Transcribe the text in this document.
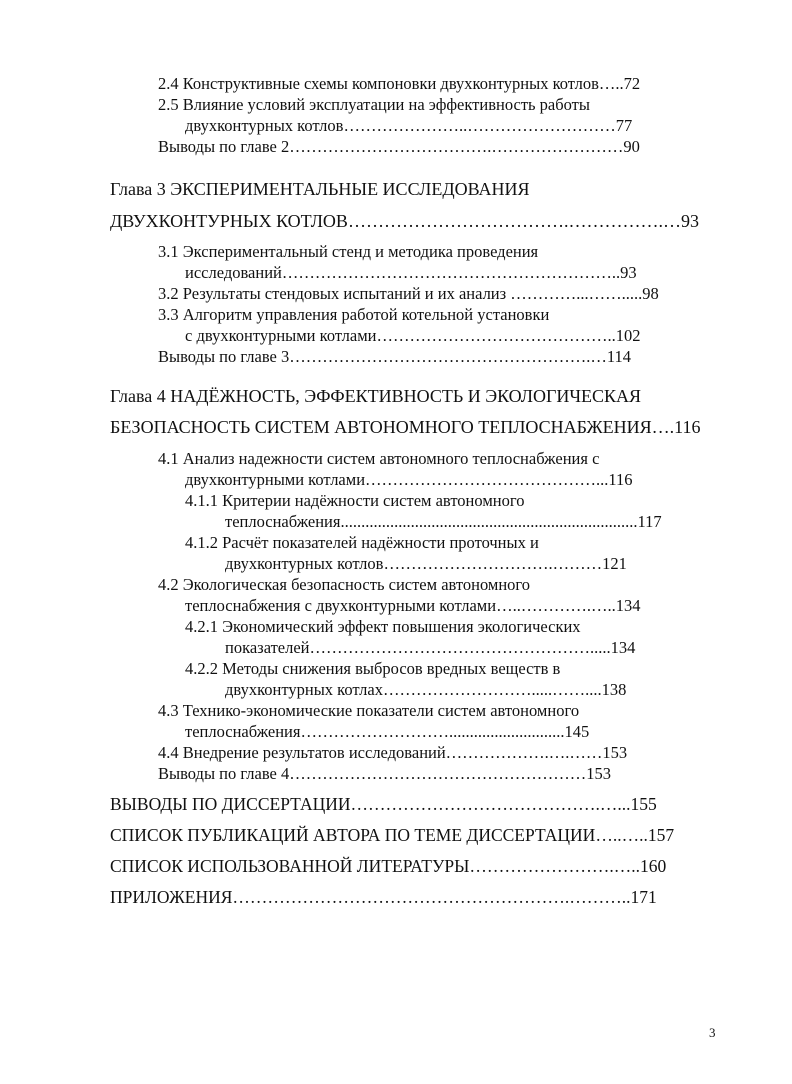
2.4 Конструктивные схемы компоновки двухконтурных котлов…..72
2.5 Влияние условий эксплуатации на эффективность работы
двухконтурных котлов…………………..………………………77
Выводы по главе 2……………………………….……………………90
Глава 3 ЭКСПЕРИМЕНТАЛЬНЫЕ ИССЛЕДОВАНИЯ
ДВУХКОНТУРНЫХ КОТЛОВ……………………………….…………….…93
3.1 Экспериментальный стенд и методика проведения
исследований……………………………………………………..93
3.2 Результаты стендовых испытаний и их анализ …………...…….....98
3.3 Алгоритм управления работой котельной установки
с двухконтурными котлами……………………………………..102
Выводы по главе 3……………………………………………….…114
Глава 4 НАДЁЖНОСТЬ, ЭФФЕКТИВНОСТЬ И ЭКОЛОГИЧЕСКАЯ
БЕЗОПАСНОСТЬ СИСТЕМ АВТОНОМНОГО ТЕПЛОСНАБЖЕНИЯ….116
4.1 Анализ надежности систем автономного теплоснабжения с
двухконтурными котлами……………………………………...116
4.1.1 Критерии надёжности систем автономного
теплоснабжения........................................................................117
4.1.2 Расчёт показателей надёжности проточных и
двухконтурных котлов………………………….………121
4.2 Экологическая безопасность систем автономного
теплоснабжения с двухконтурными котлами…..………….…..134
4.2.1 Экономический эффект повышения экологических
показателей…………………………………………….....134
4.2.2 Методы снижения выбросов вредных веществ в
двухконтурных котлах……………………….....……....138
4.3 Технико-экономические показатели систем автономного
теплоснабжения………………………............................145
4.4 Внедрение результатов исследований……………….….……153
Выводы по главе 4………………………………………………153
ВЫВОДЫ ПО ДИССЕРТАЦИИ…………………………………….…...155
СПИСОК ПУБЛИКАЦИЙ АВТОРА ПО ТЕМЕ ДИССЕРТАЦИИ…..…..157
СПИСОК ИСПОЛЬЗОВАННОЙ ЛИТЕРАТУРЫ…………………….…..160
ПРИЛОЖЕНИЯ………………………………………………….………..171
3
